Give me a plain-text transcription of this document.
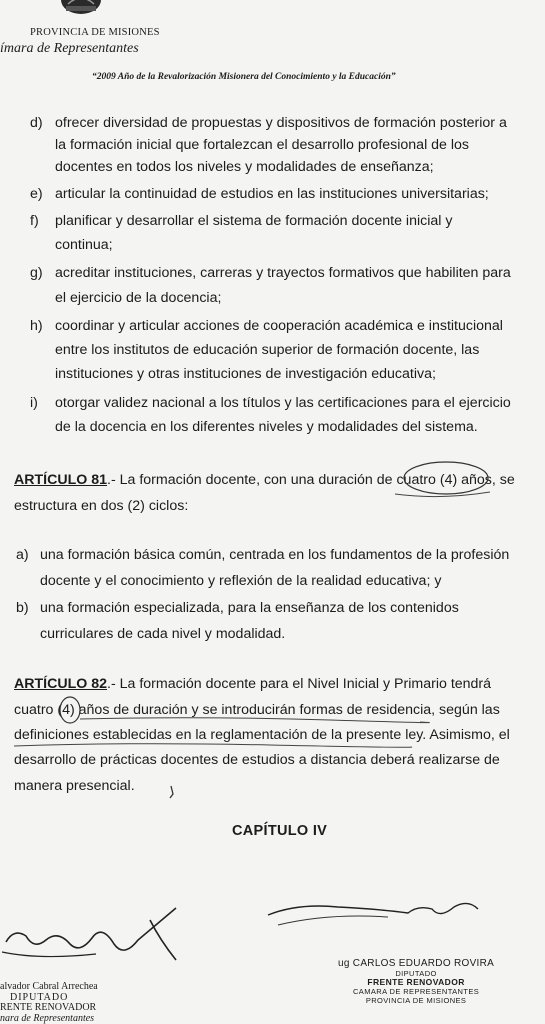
PROVINCIA DE MISIONES
ímara de Representantes
“2009 Año de la Revalorización Misionera del Conocimiento y la Educación”
d) ofrecer diversidad de propuestas y dispositivos de formación posterior a
la formación inicial que fortalezcan el desarrollo profesional de los
docentes en todos los niveles y modalidades de enseñanza;
e) articular la continuidad de estudios en las instituciones universitarias;
f) planificar y desarrollar el sistema de formación docente inicial y
continua;
g) acreditar instituciones, carreras y trayectos formativos que habiliten para
el ejercicio de la docencia;
h) coordinar y articular acciones de cooperación académica e institucional
entre los institutos de educación superior de formación docente, las
instituciones y otras instituciones de investigación educativa;
i) otorgar validez nacional a los títulos y las certificaciones para el ejercicio
de la docencia en los diferentes niveles y modalidades del sistema.
ARTÍCULO 81.- La formación docente, con una duración de cuatro (4) años, se
estructura en dos (2) ciclos:
a) una formación básica común, centrada en los fundamentos de la profesión
docente y el conocimiento y reflexión de la realidad educativa; y
b) una formación especializada, para la enseñanza de los contenidos
curriculares de cada nivel y modalidad.
ARTÍCULO 82.- La formación docente para el Nivel Inicial y Primario tendrá
cuatro (4) años de duración y se introducirán formas de residencia, según las
definiciones establecidas en la reglamentación de la presente ley. Asimismo, el
desarrollo de prácticas docentes de estudios a distancia deberá realizarse de
manera presencial.
CAPÍTULO IV
alvador Cabral Arrechea
DIPUTADO
RENTE RENOVADOR
nara de Representantes
ug CARLOS EDUARDO ROVIRA
DIPUTADO
FRENTE RENOVADOR
CAMARA DE REPRESENTANTES
PROVINCIA DE MISIONES
